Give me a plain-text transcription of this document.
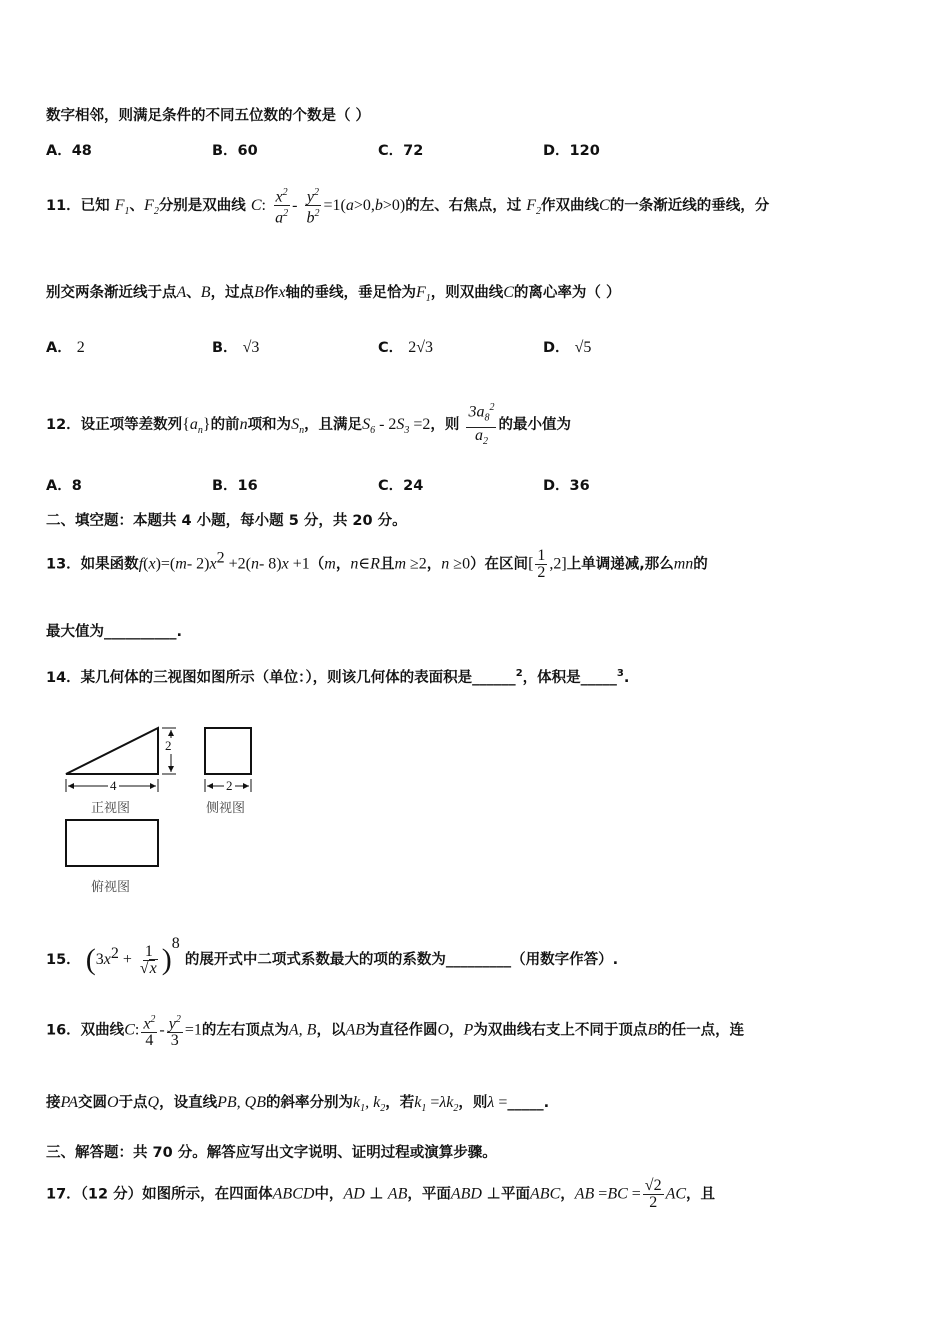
数字相邻，则满足条件的不同五位数的个数是（ ）
A．48	B．60	C．72	D．120
11．已知 $F_1$、$F_2$分别是双曲线 C: $\frac{x^2}{a^2} - \frac{y^2}{b^2} =1(a>0,b>0)$的左、右焦点，过 $F_2$作双曲线C的一条渐近线的垂线，分
别交两条渐近线于点A、B，过点B作x轴的垂线，垂足恰为$F_1$，则双曲线C的离心率为（ ）
A． 2	B． √3	C． 2√3	D． √5
12．设正项等差数列$\{a_n\}$的前n项和为$S_n$，且满足$S_6 - 2S_3 =2$，则 $\frac{3a_8^2}{a_2}$ 的最小值为
A．8	B．16	C．24	D．36
二、填空题：本题共 4 小题，每小题 5 分，共 20 分。
13．如果函数f(x)=(m- $2)x^2 +2(n-$ 8)x +1（m，n∈R且m ≥2，n ≥0）在区间[ $\frac{1}{2} ,2$]上单调递减,那么mn的
最大值为__________.
14．某几何体的三视图如图所示（单位：），则该几何体的表面积是______$^2$，体积是_____$^3$.
2
4	2
正视图	侧视图
俯视图
15． $(3x^2 + \frac{1}{√x} )^8$ 的展开式中二项式系数最大的项的系数为_________（用数字作答）.
16．双曲线C: $\frac{x^2}{4} - \frac{y^2}{3} =1$的左右顶点为A, B，以AB为直径作圆O，P为双曲线右支上不同于顶点B的任一点，连
接PA交圆O于点Q，设直线PB, QB的斜率分别为$k_1$, $k_2$，若$k_1 =\lambda k_2$，则λ =_____.
三、解答题：共 70 分。解答应写出文字说明、证明过程或演算步骤。
17．（12 分）如图所示，在四面体ABCD中，AD ⊥ AB，平面ABD ⊥平面ABC，AB $=BC = \frac{√2}{2}$ AC，且
